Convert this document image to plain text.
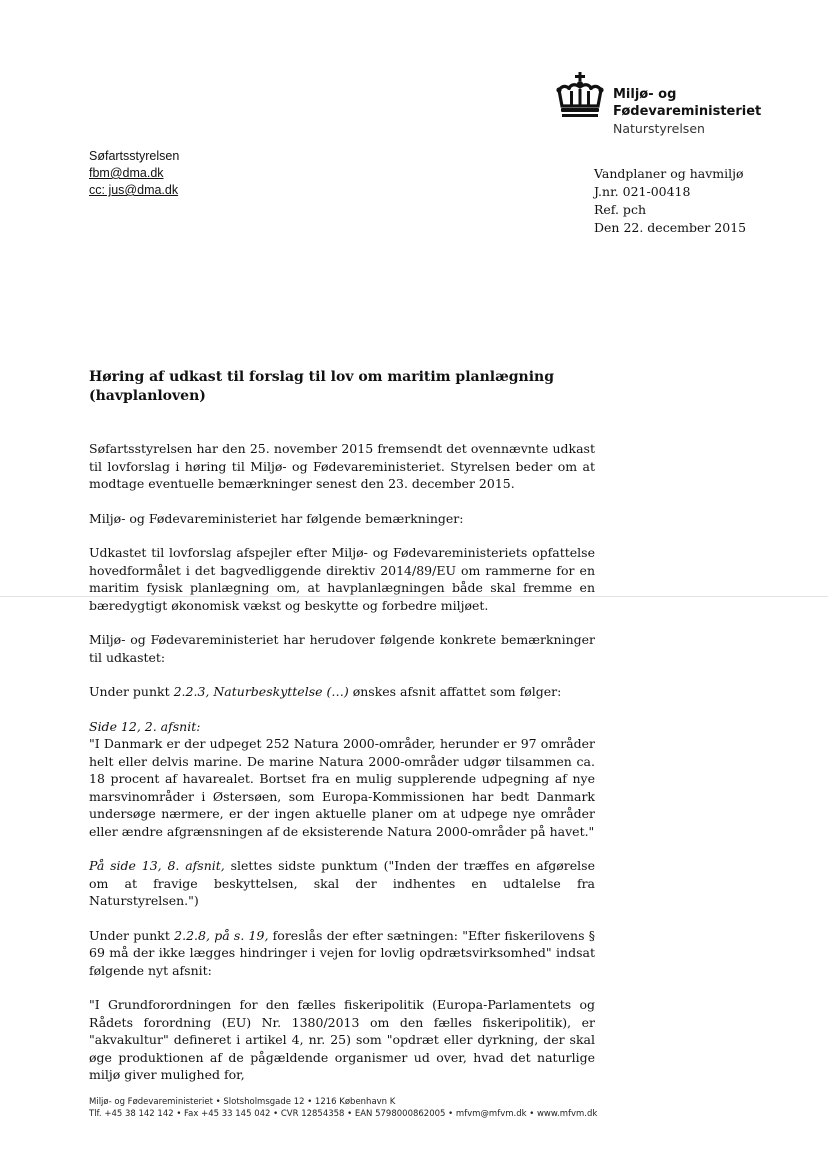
Miljø- og
Fødevareministeriet
Naturstyrelsen
Søfartsstyrelsen
fbm@dma.dk
cc: jus@dma.dk
Vandplaner og havmiljø
J.nr. 021-00418
Ref. pch
Den 22. december 2015
Høring af udkast til forslag til lov om maritim planlægning (havplanloven)

Søfartsstyrelsen har den 25. november 2015 fremsendt det ovennævnte udkast til lovforslag i høring til Miljø- og Fødevareministeriet. Styrelsen beder om at modtage eventuelle bemærkninger senest den 23. december 2015.

Miljø- og Fødevareministeriet har følgende bemærkninger:

Udkastet til lovforslag afspejler efter Miljø- og Fødevareministeriets opfattelse hovedformålet i det bagvedliggende direktiv 2014/89/EU om rammerne for en maritim fysisk planlægning om, at havplanlægningen både skal fremme en bæredygtigt økonomisk vækst og beskytte og forbedre miljøet.

Miljø- og Fødevareministeriet har herudover følgende konkrete bemærkninger til udkastet:

Under punkt 2.2.3, Naturbeskyttelse (…) ønskes afsnit affattet som følger:

Side 12, 2. afsnit:

"I Danmark er der udpeget 252 Natura 2000-områder, herunder er 97 områder helt eller delvis marine. De marine Natura 2000-områder udgør tilsammen ca. 18 procent af havarealet. Bortset fra en mulig supplerende udpegning af nye marsvinområder i Østersøen, som Europa-Kommissionen har bedt Danmark undersøge nærmere, er der ingen aktuelle planer om at udpege nye områder eller ændre afgrænsningen af de eksisterende Natura 2000-områder på havet."

På side 13, 8. afsnit, slettes sidste punktum ("Inden der træffes en afgørelse om at fravige beskyttelsen, skal der indhentes en udtalelse fra Naturstyrelsen.")

Under punkt 2.2.8, på s. 19, foreslås der efter sætningen: "Efter fiskerilovens § 69 må der ikke lægges hindringer i vejen for lovlig opdrætsvirksomhed" indsat følgende nyt afsnit:

"I Grundforordningen for den fælles fiskeripolitik (Europa-Parlamentets og Rådets forordning (EU) Nr. 1380/2013 om den fælles fiskeripolitik), er "akvakultur" defineret i artikel 4, nr. 25) som "opdræt eller dyrkning, der skal øge produktionen af de pågældende organismer ud over, hvad det naturlige miljø giver mulighed for,

Miljø- og Fødevareministeriet • Slotsholmsgade 12 • 1216 København K
Tlf. +45 38 142 142 • Fax +45 33 145 042 • CVR 12854358 • EAN 5798000862005 • mfvm@mfvm.dk • www.mfvm.dk
